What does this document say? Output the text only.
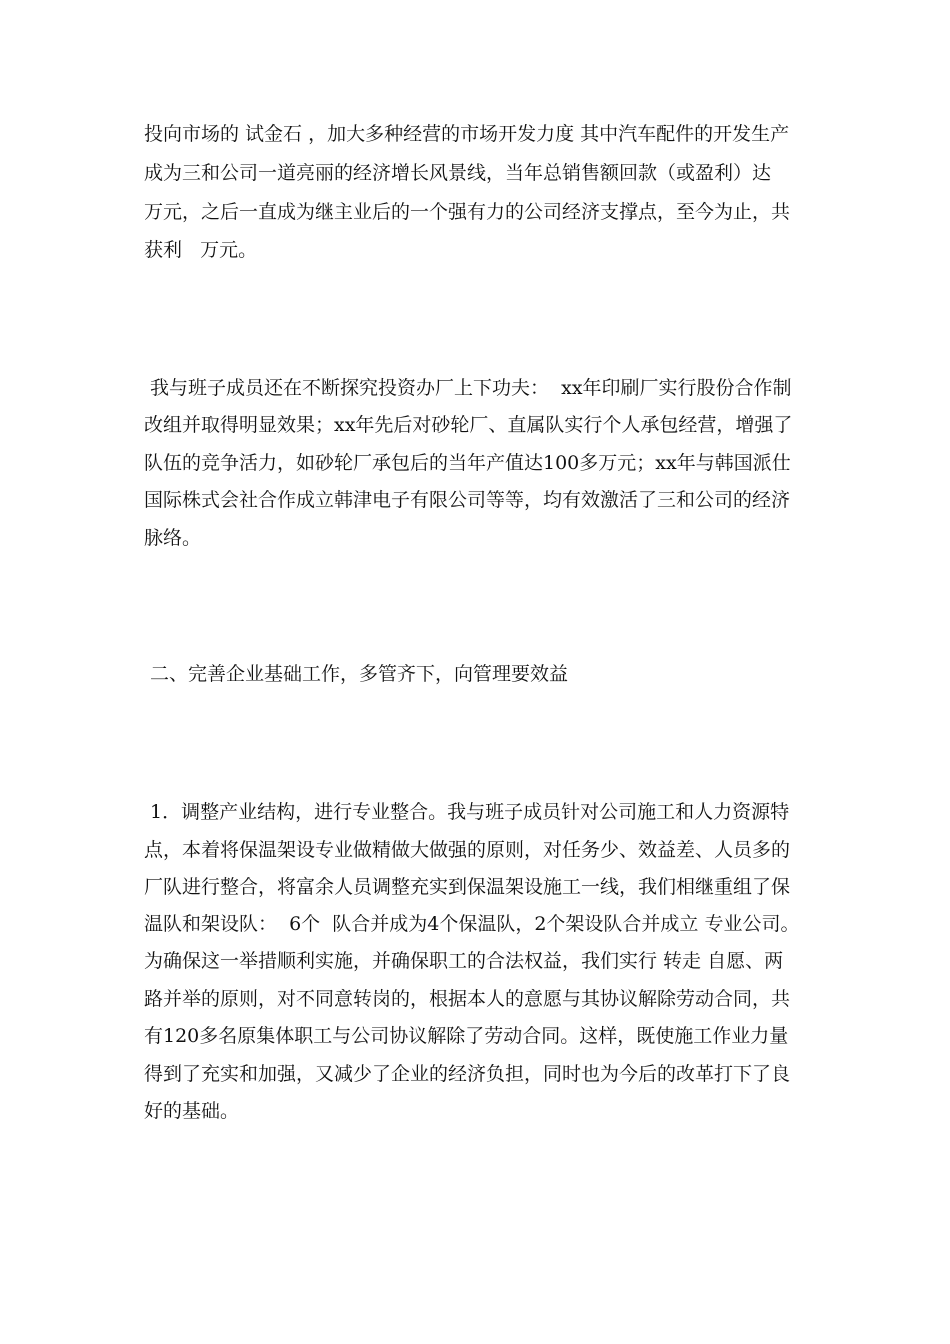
投向市场的 试金石 ，加大多种经营的市场开发力度 其中汽车配件的开发生产
成为三和公司一道亮丽的经济增长风景线，当年总销售额回款（或盈利）达
万元，之后一直成为继主业后的一个强有力的公司经济支撑点，至今为止，共
获利   万元。
我与班子成员还在不断探究投资办厂上下功夫：  xx年印刷厂实行股份合作制
改组并取得明显效果；xx年先后对砂轮厂、直属队实行个人承包经营，增强了
队伍的竞争活力，如砂轮厂承包后的当年产值达100多万元；xx年与韩国派仕
国际株式会社合作成立韩津电子有限公司等等，均有效激活了三和公司的经济
脉络。
二、完善企业基础工作，多管齐下，向管理要效益
1．调整产业结构，进行专业整合。我与班子成员针对公司施工和人力资源特
点，本着将保温架设专业做精做大做强的原则，对任务少、效益差、人员多的
厂队进行整合，将富余人员调整充实到保温架设施工一线，我们相继重组了保
温队和架设队：  6个  队合并成为4个保温队，2个架设队合并成立 专业公司。
为确保这一举措顺利实施，并确保职工的合法权益，我们实行 转走 自愿、两
路并举的原则，对不同意转岗的，根据本人的意愿与其协议解除劳动合同，共
有120多名原集体职工与公司协议解除了劳动合同。这样，既使施工作业力量
得到了充实和加强，又减少了企业的经济负担，同时也为今后的改革打下了良
好的基础。
